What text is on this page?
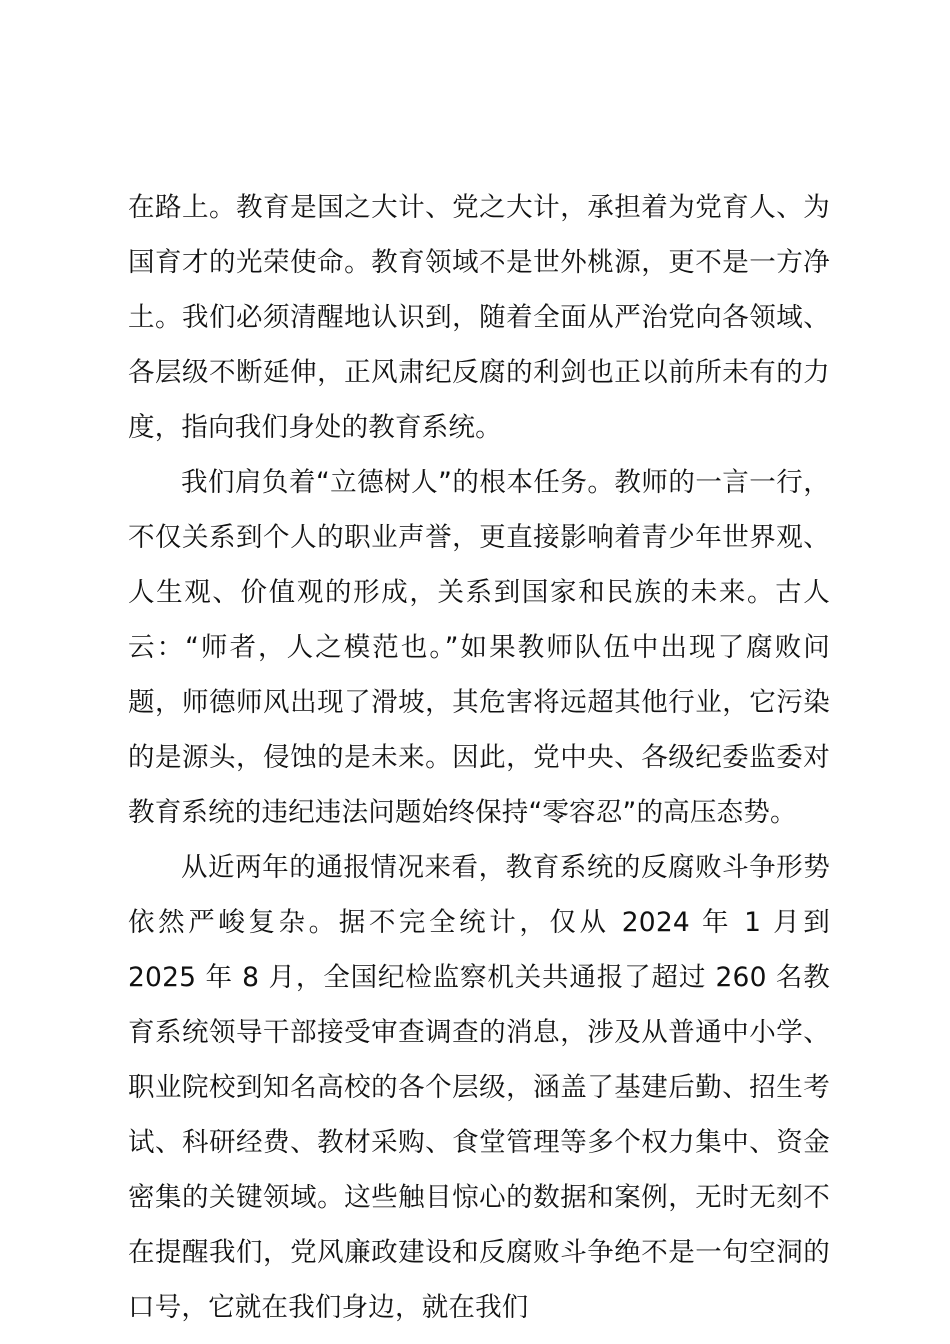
在路上。教育是国之大计、党之大计，承担着为党育人、为国育才的光荣使命。教育领域不是世外桃源，更不是一方净土。我们必须清醒地认识到，随着全面从严治党向各领域、各层级不断延伸，正风肃纪反腐的利剑也正以前所未有的力度，指向我们身处的教育系统。

我们肩负着“立德树人”的根本任务。教师的一言一行，不仅关系到个人的职业声誉，更直接影响着青少年世界观、人生观、价值观的形成，关系到国家和民族的未来。古人云：“师者，人之模范也。”如果教师队伍中出现了腐败问题，师德师风出现了滑坡，其危害将远超其他行业，它污染的是源头，侵蚀的是未来。因此，党中央、各级纪委监委对教育系统的违纪违法问题始终保持“零容忍”的高压态势。

从近两年的通报情况来看，教育系统的反腐败斗争形势依然严峻复杂。据不完全统计，仅从 2024 年 1 月到 2025 年 8 月，全国纪检监察机关共通报了超过 260 名教育系统领导干部接受审查调查的消息，涉及从普通中小学、职业院校到知名高校的各个层级，涵盖了基建后勤、招生考试、科研经费、教材采购、食堂管理等多个权力集中、资金密集的关键领域。这些触目惊心的数据和案例，无时无刻不在提醒我们，党风廉政建设和反腐败斗争绝不是一句空洞的口号，它就在我们身边，就在我们
